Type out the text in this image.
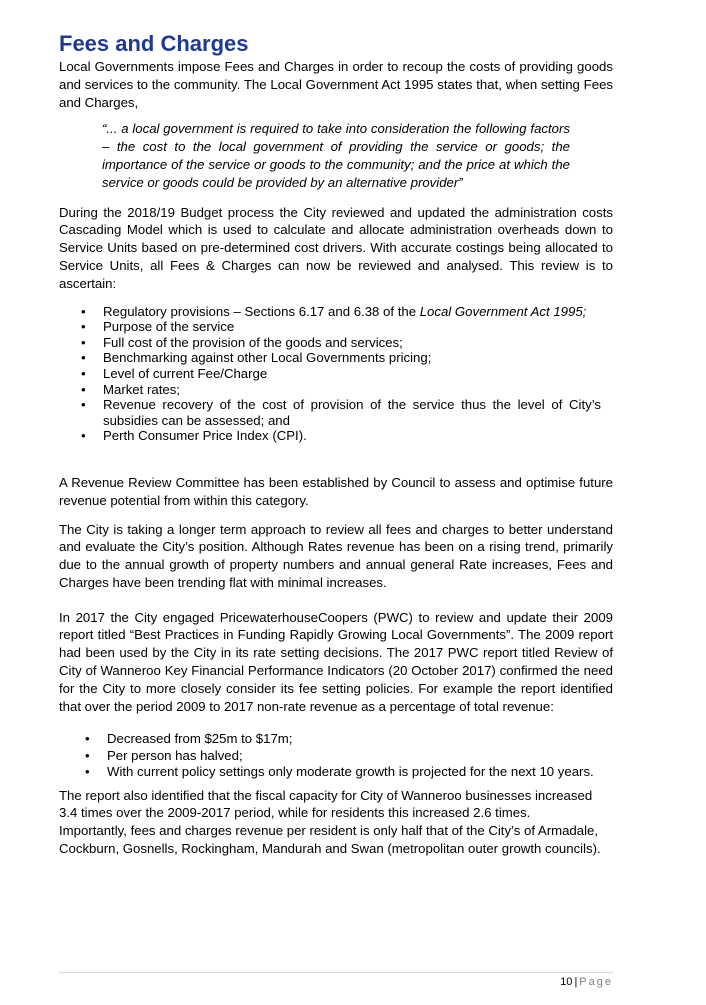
Fees and Charges

Local Governments impose Fees and Charges in order to recoup the costs of providing goods and services to the community. The Local Government Act 1995 states that, when setting Fees and Charges,

“... a local government is required to take into consideration the following factors – the cost to the local government of providing the service or goods; the importance of the service or goods to the community; and the price at which the service or goods could be provided by an alternative provider”

During the 2018/19 Budget process the City reviewed and updated the administration costs Cascading Model which is used to calculate and allocate administration overheads down to Service Units based on pre-determined cost drivers. With accurate costings being allocated to Service Units, all Fees & Charges can now be reviewed and analysed. This review is to ascertain:

• Regulatory provisions – Sections 6.17 and 6.38 of the Local Government Act 1995;
• Purpose of the service
• Full cost of the provision of the goods and services;
• Benchmarking against other Local Governments pricing;
• Level of current Fee/Charge
• Market rates;
• Revenue recovery of the cost of provision of the service thus the level of City’s subsidies can be assessed; and
• Perth Consumer Price Index (CPI).

A Revenue Review Committee has been established by Council to assess and optimise future revenue potential from within this category.

The City is taking a longer term approach to review all fees and charges to better understand and evaluate the City’s position. Although Rates revenue has been on a rising trend, primarily due to the annual growth of property numbers and annual general Rate increases, Fees and Charges have been trending flat with minimal increases.

In 2017 the City engaged PricewaterhouseCoopers (PWC) to review and update their 2009 report titled “Best Practices in Funding Rapidly Growing Local Governments”. The 2009 report had been used by the City in its rate setting decisions. The 2017 PWC report titled Review of City of Wanneroo Key Financial Performance Indicators (20 October 2017) confirmed the need for the City to more closely consider its fee setting policies. For example the report identified that over the period 2009 to 2017 non-rate revenue as a percentage of total revenue:

• Decreased from $25m to $17m;
• Per person has halved;
• With current policy settings only moderate growth is projected for the next 10 years.

The report also identified that the fiscal capacity for City of Wanneroo businesses increased 3.4 times over the 2009-2017 period, while for residents this increased 2.6 times.

Importantly, fees and charges revenue per resident is only half that of the City’s of Armadale, Cockburn, Gosnells, Rockingham, Mandurah and Swan (metropolitan outer growth councils).

10 | Page
